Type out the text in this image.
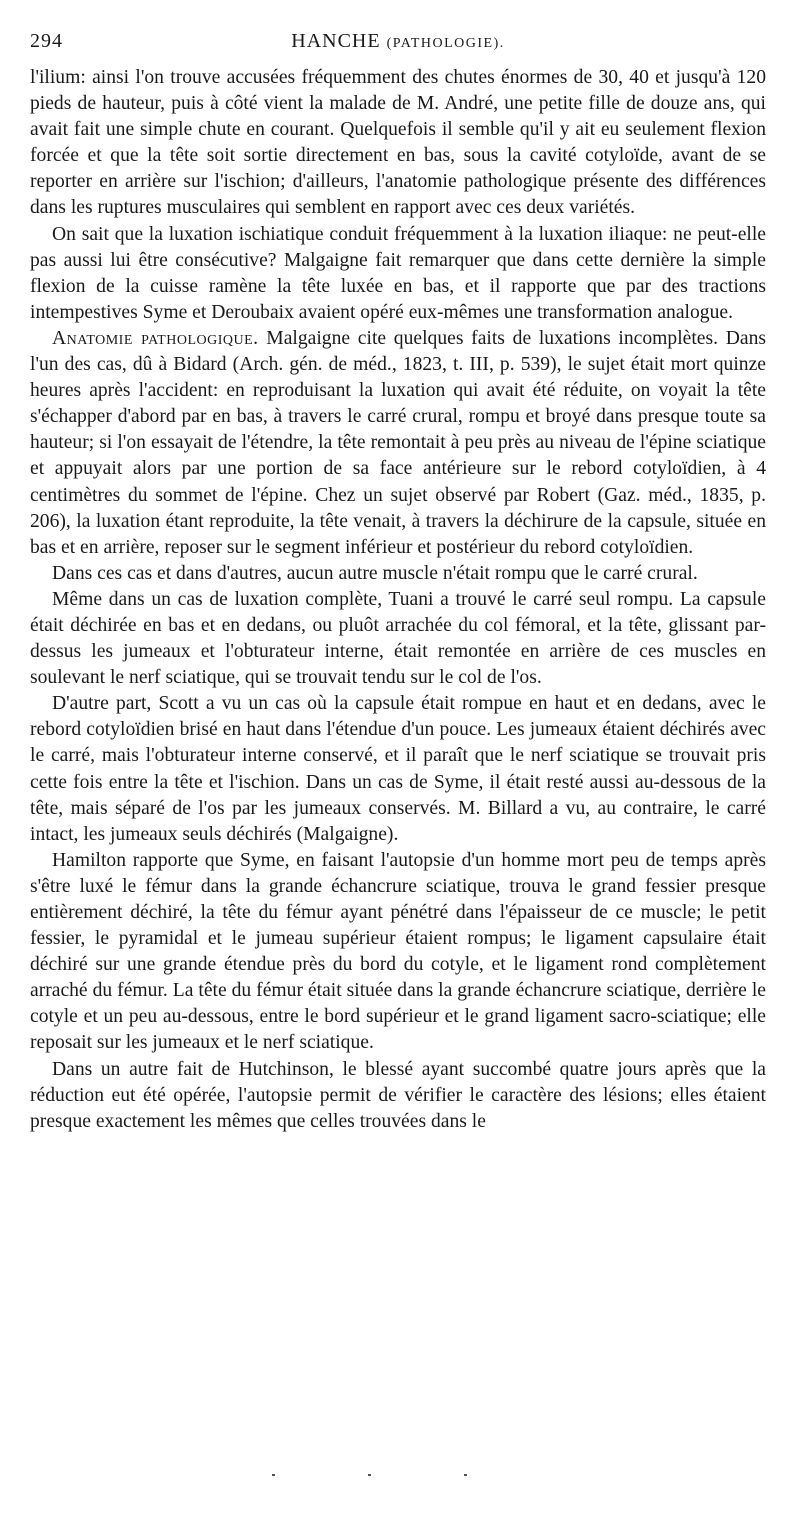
294	HANCHE (PATHOLOGIE).

l'ilium: ainsi l'on trouve accusées fréquemment des chutes énormes de 30, 40 et jusqu'à 120 pieds de hauteur, puis à côté vient la malade de M. André, une petite fille de douze ans, qui avait fait une simple chute en courant. Quelquefois il semble qu'il y ait eu seulement flexion forcée et que la tête soit sortie directement en bas, sous la cavité cotyloïde, avant de se reporter en arrière sur l'ischion; d'ailleurs, l'anatomie pathologique présente des différences dans les ruptures musculaires qui semblent en rapport avec ces deux variétés.

On sait que la luxation ischiatique conduit fréquemment à la luxation iliaque: ne peut-elle pas aussi lui être consécutive? Malgaigne fait remarquer que dans cette dernière la simple flexion de la cuisse ramène la tête luxée en bas, et il rapporte que par des tractions intempestives Syme et Deroubaix avaient opéré eux-mêmes une transformation analogue.

Anatomie pathologique. Malgaigne cite quelques faits de luxations incomplètes. Dans l'un des cas, dû à Bidard (Arch. gén. de méd., 1823, t. III, p. 539), le sujet était mort quinze heures après l'accident: en reproduisant la luxation qui avait été réduite, on voyait la tête s'échapper d'abord par en bas, à travers le carré crural, rompu et broyé dans presque toute sa hauteur; si l'on essayait de l'étendre, la tête remontait à peu près au niveau de l'épine sciatique et appuyait alors par une portion de sa face antérieure sur le rebord cotyloïdien, à 4 centimètres du sommet de l'épine. Chez un sujet observé par Robert (Gaz. méd., 1835, p. 206), la luxation étant reproduite, la tête venait, à travers la déchirure de la capsule, située en bas et en arrière, reposer sur le segment inférieur et postérieur du rebord cotyloïdien.

Dans ces cas et dans d'autres, aucun autre muscle n'était rompu que le carré crural.

Même dans un cas de luxation complète, Tuani a trouvé le carré seul rompu. La capsule était déchirée en bas et en dedans, ou pluôt arrachée du col fémoral, et la tête, glissant par-dessus les jumeaux et l'obturateur interne, était remontée en arrière de ces muscles en soulevant le nerf sciatique, qui se trouvait tendu sur le col de l'os.

D'autre part, Scott a vu un cas où la capsule était rompue en haut et en dedans, avec le rebord cotyloïdien brisé en haut dans l'étendue d'un pouce. Les jumeaux étaient déchirés avec le carré, mais l'obturateur interne conservé, et il paraît que le nerf sciatique se trouvait pris cette fois entre la tête et l'ischion. Dans un cas de Syme, il était resté aussi au-dessous de la tête, mais séparé de l'os par les jumeaux conservés. M. Billard a vu, au contraire, le carré intact, les jumeaux seuls déchirés (Malgaigne).

Hamilton rapporte que Syme, en faisant l'autopsie d'un homme mort peu de temps après s'être luxé le fémur dans la grande échancrure sciatique, trouva le grand fessier presque entièrement déchiré, la tête du fémur ayant pénétré dans l'épaisseur de ce muscle; le petit fessier, le pyramidal et le jumeau supérieur étaient rompus; le ligament capsulaire était déchiré sur une grande étendue près du bord du cotyle, et le ligament rond complètement arraché du fémur. La tête du fémur était située dans la grande échancrure sciatique, derrière le cotyle et un peu au-dessous, entre le bord supérieur et le grand ligament sacro-sciatique; elle reposait sur les jumeaux et le nerf sciatique.

Dans un autre fait de Hutchinson, le blessé ayant succombé quatre jours après que la réduction eut été opérée, l'autopsie permit de vérifier le caractère des lésions; elles étaient presque exactement les mêmes que celles trouvées dans le
